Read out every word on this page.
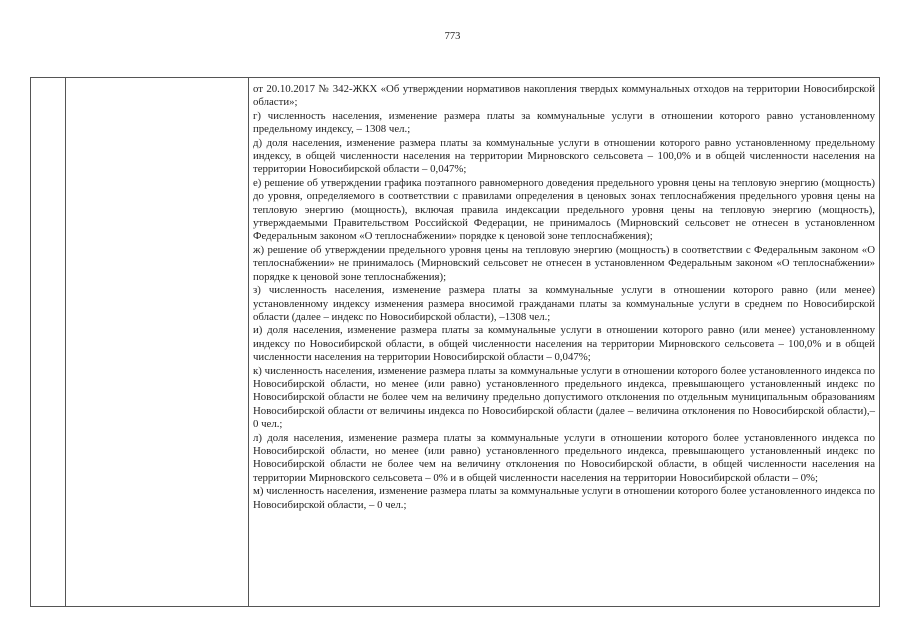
773

от 20.10.2017 № 342-ЖКХ «Об утверждении нормативов накопления твердых коммунальных отходов на территории Новосибирской области»;

г) численность населения, изменение размера платы за коммунальные услуги в отношении которого равно установленному предельному индексу, – 1308 чел.;

д) доля населения, изменение размера платы за коммунальные услуги в отношении которого равно установленному предельному индексу, в общей численности населения на территории Мирновского сельсовета – 100,0% и в общей численности населения на территории Новосибирской области – 0,047%;

е) решение об утверждении графика поэтапного равномерного доведения предельного уровня цены на тепловую энергию (мощность) до уровня, определяемого в соответствии с правилами определения в ценовых зонах теплоснабжения предельного уровня цены на тепловую энергию (мощность), включая правила индексации предельного уровня цены на тепловую энергию (мощность), утверждаемыми Правительством Российской Федерации, не принималось (Мирновский сельсовет не отнесен в установленном Федеральным законом «О теплоснабжении» порядке к ценовой зоне теплоснабжения);

ж) решение об утверждении предельного уровня цены на тепловую энергию (мощность) в соответствии с Федеральным законом «О теплоснабжении» не принималось (Мирновский сельсовет не отнесен в установленном Федеральным законом «О теплоснабжении» порядке к ценовой зоне теплоснабжения);

з) численность населения, изменение размера платы за коммунальные услуги в отношении которого равно (или менее) установленному индексу изменения размера вносимой гражданами платы за коммунальные услуги в среднем по Новосибирской области (далее – индекс по Новосибирской области), –1308 чел.;

и) доля населения, изменение размера платы за коммунальные услуги в отношении которого равно (или менее) установленному индексу по Новосибирской области, в общей численности населения на территории Мирновского сельсовета – 100,0% и в общей численности населения на территории Новосибирской области – 0,047%;

к) численность населения, изменение размера платы за коммунальные услуги в отношении которого более установленного индекса по Новосибирской области, но менее (или равно) установленного предельного индекса, превышающего установленный индекс по Новосибирской области не более чем на величину предельно допустимого отклонения по отдельным муниципальным образованиям Новосибирской области от величины индекса по Новосибирской области (далее – величина отклонения по Новосибирской области),– 0 чел.;

л) доля населения, изменение размера платы за коммунальные услуги в отношении которого более установленного индекса по Новосибирской области, но менее (или равно) установленного предельного индекса, превышающего установленный индекс по Новосибирской области не более чем на величину отклонения по Новосибирской области, в общей численности населения на территории Мирновского сельсовета – 0% и в общей численности населения на территории Новосибирской области – 0%;

м) численность населения, изменение размера платы за коммунальные услуги в отношении которого более установленного индекса по Новосибирской области, – 0 чел.;
